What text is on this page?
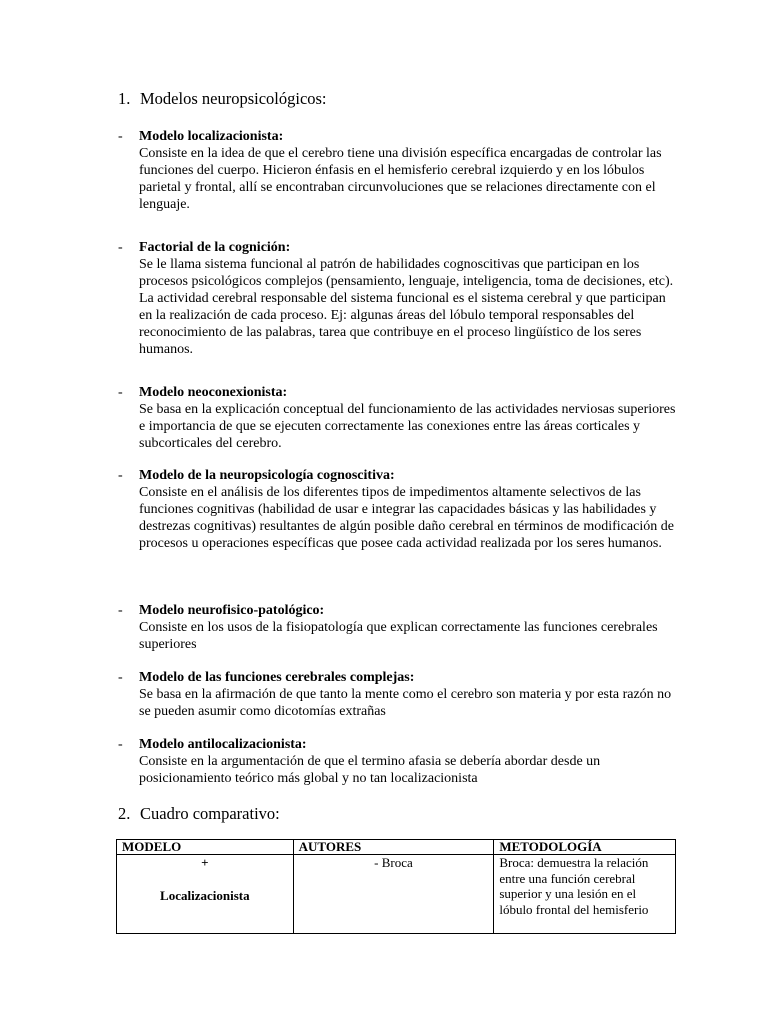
1. Modelos neuropsicológicos:
-	Modelo localizacionista:
Consiste en la idea de que el cerebro tiene una división específica encargadas de controlar las funciones del cuerpo. Hicieron énfasis en el hemisferio cerebral izquierdo y en los lóbulos parietal y frontal, allí se encontraban circunvoluciones que se relaciones directamente con el lenguaje.
-	Factorial de la cognición:
Se le llama sistema funcional al patrón de habilidades cognoscitivas que participan en los procesos psicológicos complejos (pensamiento, lenguaje, inteligencia, toma de decisiones, etc). La actividad cerebral responsable del sistema funcional es el sistema cerebral y que participan en la realización de cada proceso. Ej: algunas áreas del lóbulo temporal responsables del reconocimiento de las palabras, tarea que contribuye en el proceso lingüístico de los seres humanos.
-	Modelo neoconexionista:
Se basa en la explicación conceptual del funcionamiento de las actividades nerviosas superiores e importancia de que se ejecuten correctamente las conexiones entre las áreas corticales y subcorticales del cerebro.
-	Modelo de la neuropsicología cognoscitiva:
Consiste en el análisis de los diferentes tipos de impedimentos altamente selectivos de las
funciones cognitivas (habilidad de usar e integrar las capacidades básicas y las habilidades y destrezas cognitivas) resultantes de algún posible daño cerebral en términos de modificación de procesos u operaciones específicas que posee cada actividad realizada por los seres humanos.
-	Modelo neurofisico-patológico:
Consiste en los usos de la fisiopatología que explican correctamente las funciones cerebrales superiores
-	Modelo de las funciones cerebrales complejas:
Se basa en la afirmación de que tanto la mente como el cerebro son materia y por esta razón no se pueden asumir como dicotomías extrañas
-	Modelo antilocalizacionista:
Consiste en la argumentación de que el termino afasia se debería abordar desde un posicionamiento teórico más global y no tan localizacionista
2. Cuadro comparativo:
MODELO	AUTORES	METODOLOGÍA

+
Localizacionista	- Broca	Broca: demuestra la relación entre una función cerebral superior y una lesión en el lóbulo frontal del hemisferio
